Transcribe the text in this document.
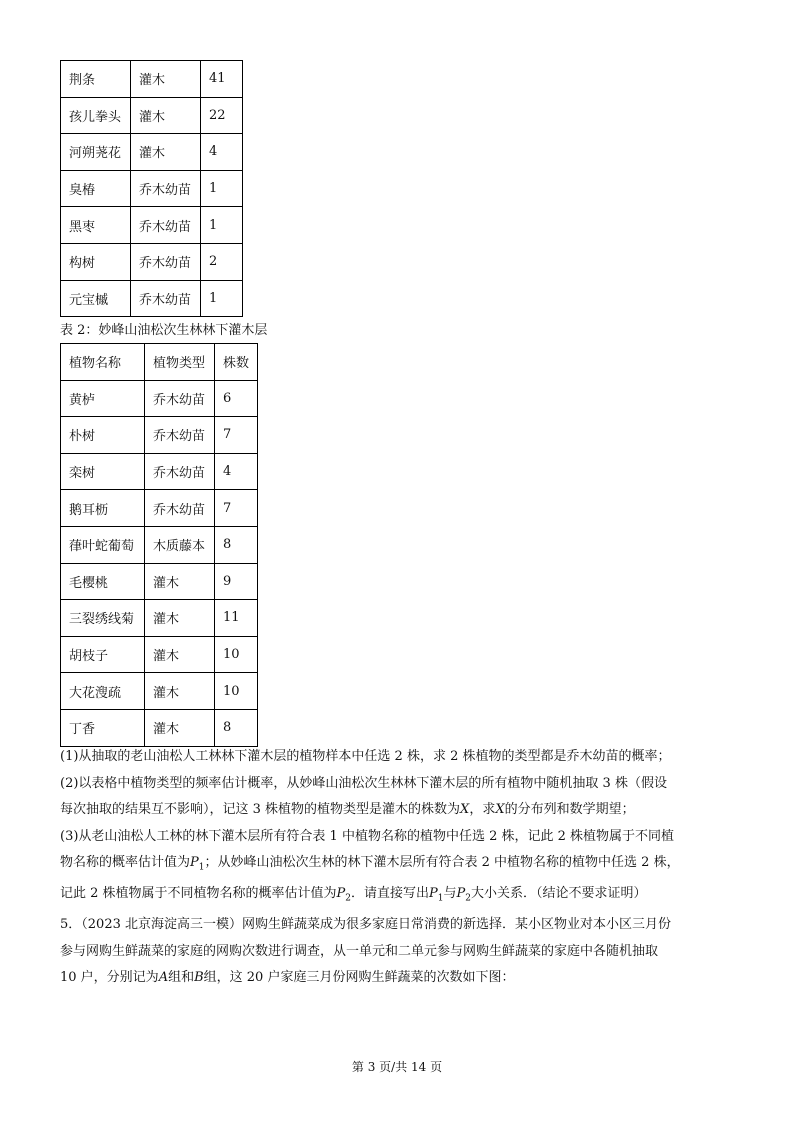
荆条	灌木	41
孩儿拳头	灌木	22
河朔荛花	灌木	4
臭椿	乔木幼苗	1
黑枣	乔木幼苗	1
构树	乔木幼苗	2
元宝槭	乔木幼苗	1
表 2：妙峰山油松次生林林下灌木层
植物名称	植物类型	株数
黄栌	乔木幼苗	6
朴树	乔木幼苗	7
栾树	乔木幼苗	4
鹅耳枥	乔木幼苗	7
葎叶蛇葡萄	木质藤本	8
毛樱桃	灌木	9
三裂绣线菊	灌木	11
胡枝子	灌木	10
大花溲疏	灌木	10
丁香	灌木	8
(1)从抽取的老山油松人工林林下灌木层的植物样本中任选 2 株，求 2 株植物的类型都是乔木幼苗的概率；
(2)以表格中植物类型的频率估计概率，从妙峰山油松次生林林下灌木层的所有植物中随机抽取 3 株（假设
每次抽取的结果互不影响），记这 3 株植物的植物类型是灌木的株数为X，求X的分布列和数学期望；
(3)从老山油松人工林的林下灌木层所有符合表 1 中植物名称的植物中任选 2 株，记此 2 株植物属于不同植
物名称的概率估计值为$P_1$；从妙峰山油松次生林的林下灌木层所有符合表 2 中植物名称的植物中任选 2 株，
记此 2 株植物属于不同植物名称的概率估计值为$P_2$．请直接写出$P_1$与$P_2$大小关系．（结论不要求证明）
5．（2023 北京海淀高三一模）网购生鲜蔬菜成为很多家庭日常消费的新选择．某小区物业对本小区三月份
参与网购生鲜蔬菜的家庭的网购次数进行调查，从一单元和二单元参与网购生鲜蔬菜的家庭中各随机抽取
10 户，分别记为A组和B组，这 20 户家庭三月份网购生鲜蔬菜的次数如下图：
第 3 页/共 14 页
